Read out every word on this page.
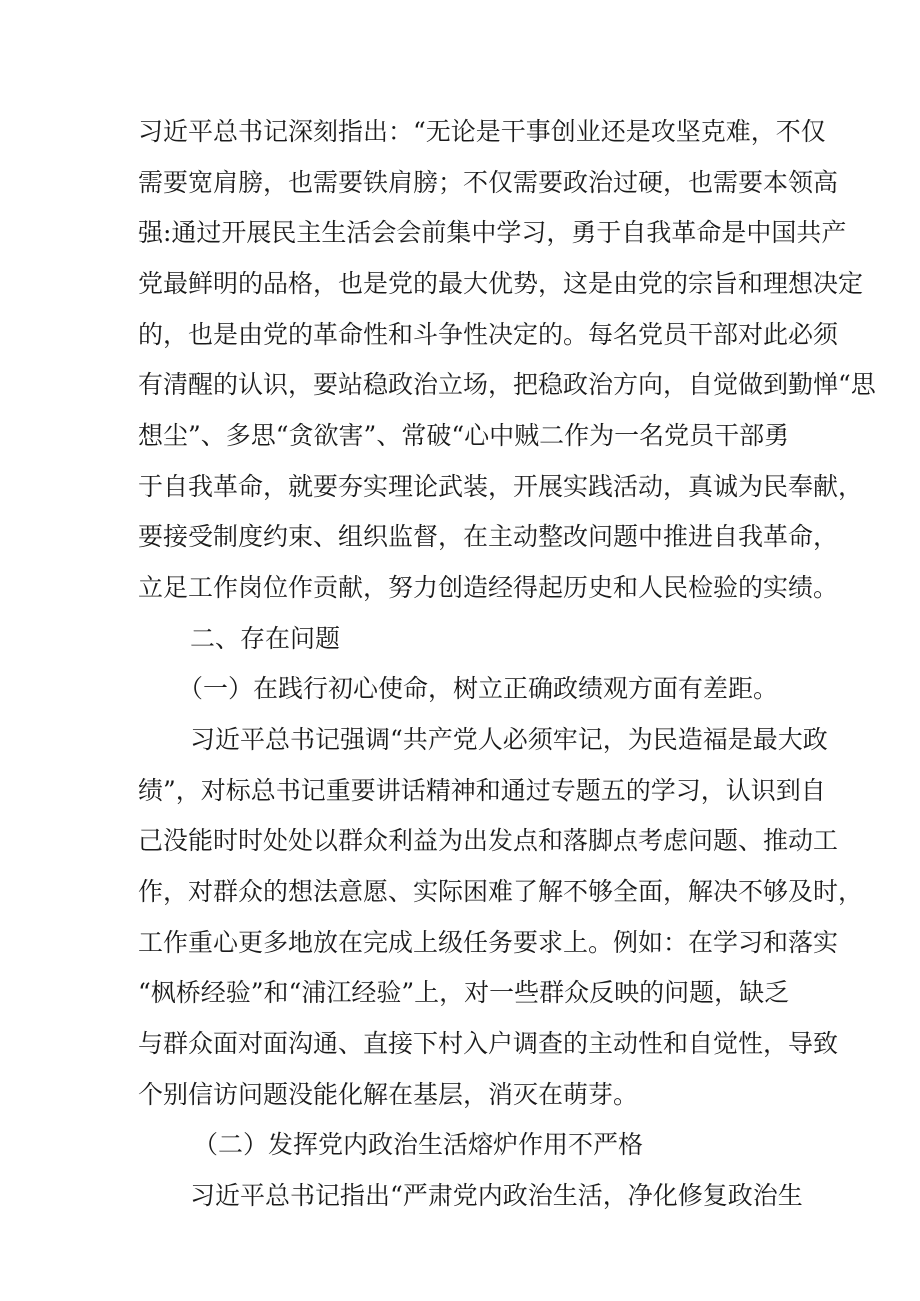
习近平总书记深刻指出：“无论是干事创业还是攻坚克难，不仅
需要宽肩膀，也需要铁肩膀；不仅需要政治过硬，也需要本领高
强:通过开展民主生活会会前集中学习，勇于自我革命是中国共产
党最鲜明的品格，也是党的最大优势，这是由党的宗旨和理想决定
的，也是由党的革命性和斗争性决定的。每名党员干部对此必须
有清醒的认识，要站稳政治立场，把稳政治方向，自觉做到勤惮“思
想尘”、多思“贪欲害”、常破“心中贼二作为一名党员干部勇
于自我革命，就要夯实理论武装，开展实践活动，真诚为民奉献，
要接受制度约束、组织监督，在主动整改问题中推进自我革命，
立足工作岗位作贡献，努力创造经得起历史和人民检验的实绩。
二、存在问题
（一）在践行初心使命，树立正确政绩观方面有差距。
习近平总书记强调“共产党人必须牢记，为民造福是最大政
绩”，对标总书记重要讲话精神和通过专题五的学习，认识到自
己没能时时处处以群众利益为出发点和落脚点考虑问题、推动工
作，对群众的想法意愿、实际困难了解不够全面，解决不够及时，
工作重心更多地放在完成上级任务要求上。例如：在学习和落实
“枫桥经验”和“浦江经验”上，对一些群众反映的问题，缺乏
与群众面对面沟通、直接下村入户调查的主动性和自觉性，导致
个别信访问题没能化解在基层，消灭在萌芽。
（二）发挥党内政治生活熔炉作用不严格
习近平总书记指出“严肃党内政治生活，净化修复政治生
